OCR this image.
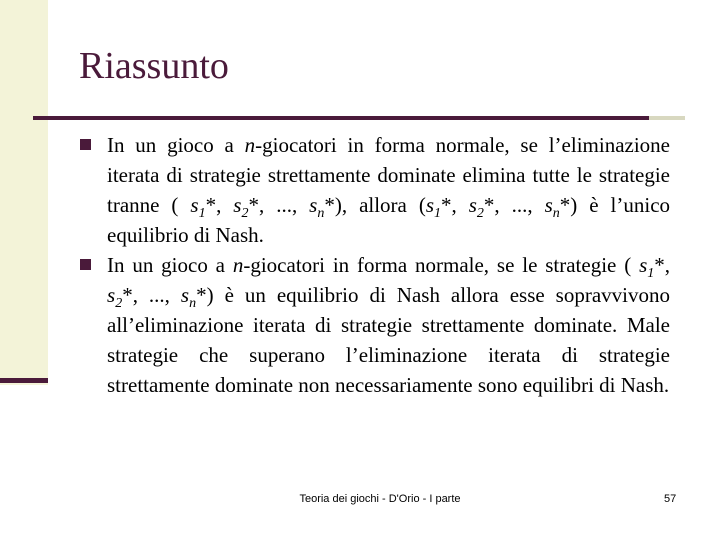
Riassunto

In un gioco a n-giocatori in forma normale, se l’eliminazione iterata di strategie strettamente dominate elimina tutte le strategie tranne ( $s_1*$, $s_2*$, ..., $s_n*$), allora ($s_1*$, $s_2*$, ..., $s_n*$) è l’unico equilibrio di Nash.

In un gioco a n-giocatori in forma normale, se le strategie ( $s_1*$, $s_2*$, ..., $s_n*$) è un equilibrio di Nash allora esse sopravvivono all’eliminazione iterata di strategie strettamente dominate. Male strategie che superano l’eliminazione iterata di strategie strettamente dominate non necessariamente sono equilibri di Nash.

Teoria dei giochi - D'Orio - I parte	57
